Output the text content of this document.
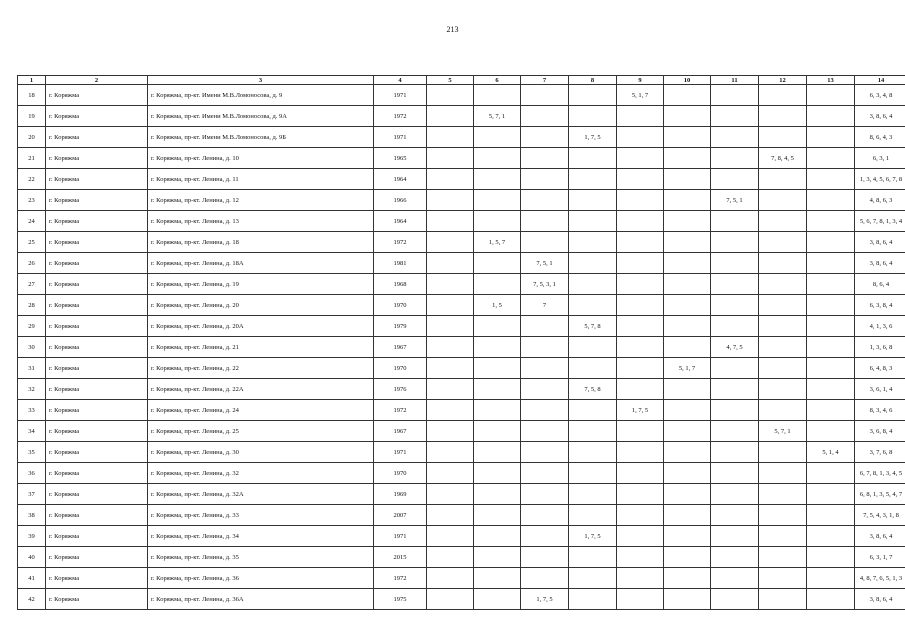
213
1	2	3	4	5	6	7	8	9	10	11	12	13	14
18	г. Коряжма	г. Коряжма, пр-кт. Имени М.В.Ломоносова, д. 9	1971					5, 1, 7					6, 3, 4, 8
19	г. Коряжма	г. Коряжма, пр-кт. Имени М.В.Ломоносова, д. 9А	1972		5, 7, 1								3, 8, 6, 4
20	г. Коряжма	г. Коряжма, пр-кт. Имени М.В.Ломоносова, д. 9Б	1971				1, 7, 5						8, 6, 4, 3
21	г. Коряжма	г. Коряжма, пр-кт. Ленина, д. 10	1965								7, 8, 4, 5		6, 3, 1
22	г. Коряжма	г. Коряжма, пр-кт. Ленина, д. 11	1964										1, 3, 4, 5, 6, 7, 8
23	г. Коряжма	г. Коряжма, пр-кт. Ленина, д. 12	1966							7, 5, 1			4, 8, 6, 3
24	г. Коряжма	г. Коряжма, пр-кт. Ленина, д. 13	1964										5, 6, 7, 8, 1, 3, 4
25	г. Коряжма	г. Коряжма, пр-кт. Ленина, д. 18	1972		1, 5, 7								3, 8, 6, 4
26	г. Коряжма	г. Коряжма, пр-кт. Ленина, д. 18А	1981			7, 5, 1							3, 8, 6, 4
27	г. Коряжма	г. Коряжма, пр-кт. Ленина, д. 19	1968			7, 5, 3, 1							8, 6, 4
28	г. Коряжма	г. Коряжма, пр-кт. Ленина, д. 20	1970		1, 5	7							6, 3, 8, 4
29	г. Коряжма	г. Коряжма, пр-кт. Ленина, д. 20А	1979				5, 7, 8						4, 1, 3, 6
30	г. Коряжма	г. Коряжма, пр-кт. Ленина, д. 21	1967							4, 7, 5			1, 3, 6, 8
31	г. Коряжма	г. Коряжма, пр-кт. Ленина, д. 22	1970						5, 1, 7				6, 4, 8, 3
32	г. Коряжма	г. Коряжма, пр-кт. Ленина, д. 22А	1976				7, 5, 8						3, 6, 1, 4
33	г. Коряжма	г. Коряжма, пр-кт. Ленина, д. 24	1972					1, 7, 5					8, 3, 4, 6
34	г. Коряжма	г. Коряжма, пр-кт. Ленина, д. 25	1967								5, 7, 1		3, 6, 8, 4
35	г. Коряжма	г. Коряжма, пр-кт. Ленина, д. 30	1971									5, 1, 4	3, 7, 6, 8
36	г. Коряжма	г. Коряжма, пр-кт. Ленина, д. 32	1970										6, 7, 8, 1, 3, 4, 5
37	г. Коряжма	г. Коряжма, пр-кт. Ленина, д. 32А	1969										6, 8, 1, 3, 5, 4, 7
38	г. Коряжма	г. Коряжма, пр-кт. Ленина, д. 33	2007										7, 5, 4, 3, 1, 8
39	г. Коряжма	г. Коряжма, пр-кт. Ленина, д. 34	1971				1, 7, 5						3, 8, 6, 4
40	г. Коряжма	г. Коряжма, пр-кт. Ленина, д. 35	2015										6, 3, 1, 7
41	г. Коряжма	г. Коряжма, пр-кт. Ленина, д. 36	1972										4, 8, 7, 6, 5, 1, 3
42	г. Коряжма	г. Коряжма, пр-кт. Ленина, д. 36А	1975			1, 7, 5							3, 8, 6, 4
